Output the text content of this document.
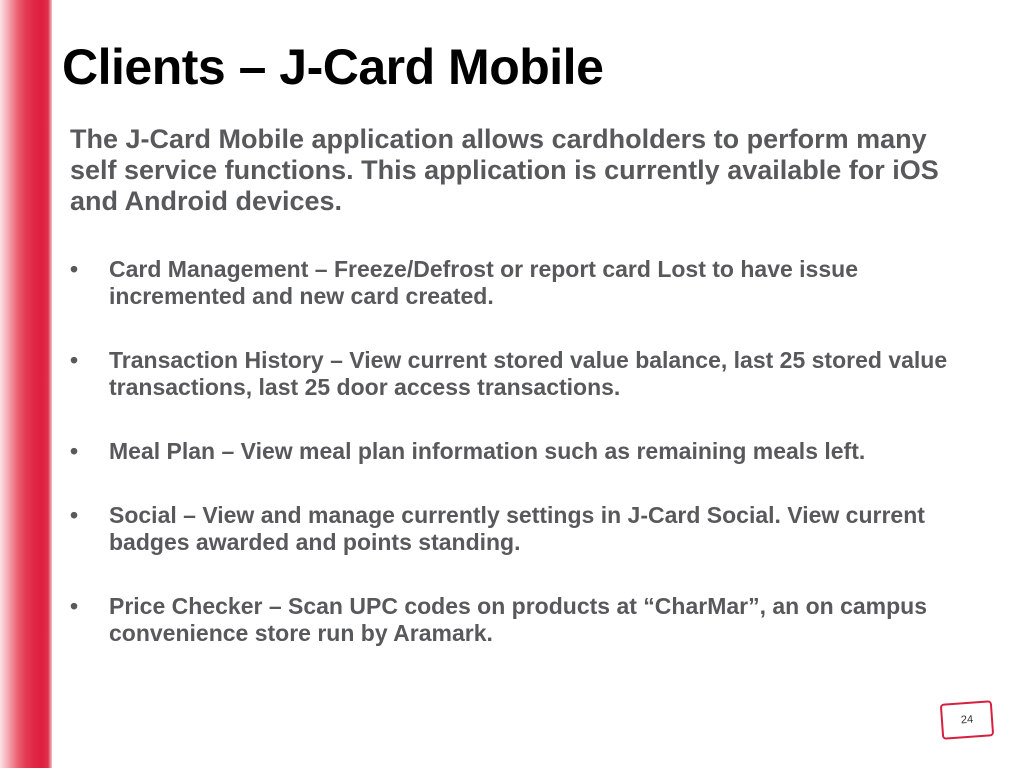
Clients – J-Card Mobile

The J-Card Mobile application allows cardholders to perform many self service functions. This application is currently available for iOS and Android devices.

• Card Management – Freeze/Defrost or report card Lost to have issue incremented and new card created.
• Transaction History – View current stored value balance, last 25 stored value transactions, last 25 door access transactions.
• Meal Plan – View meal plan information such as remaining meals left.
• Social – View and manage currently settings in J-Card Social. View current badges awarded and points standing.
• Price Checker – Scan UPC codes on products at “CharMar”, an on campus convenience store run by Aramark.
24
